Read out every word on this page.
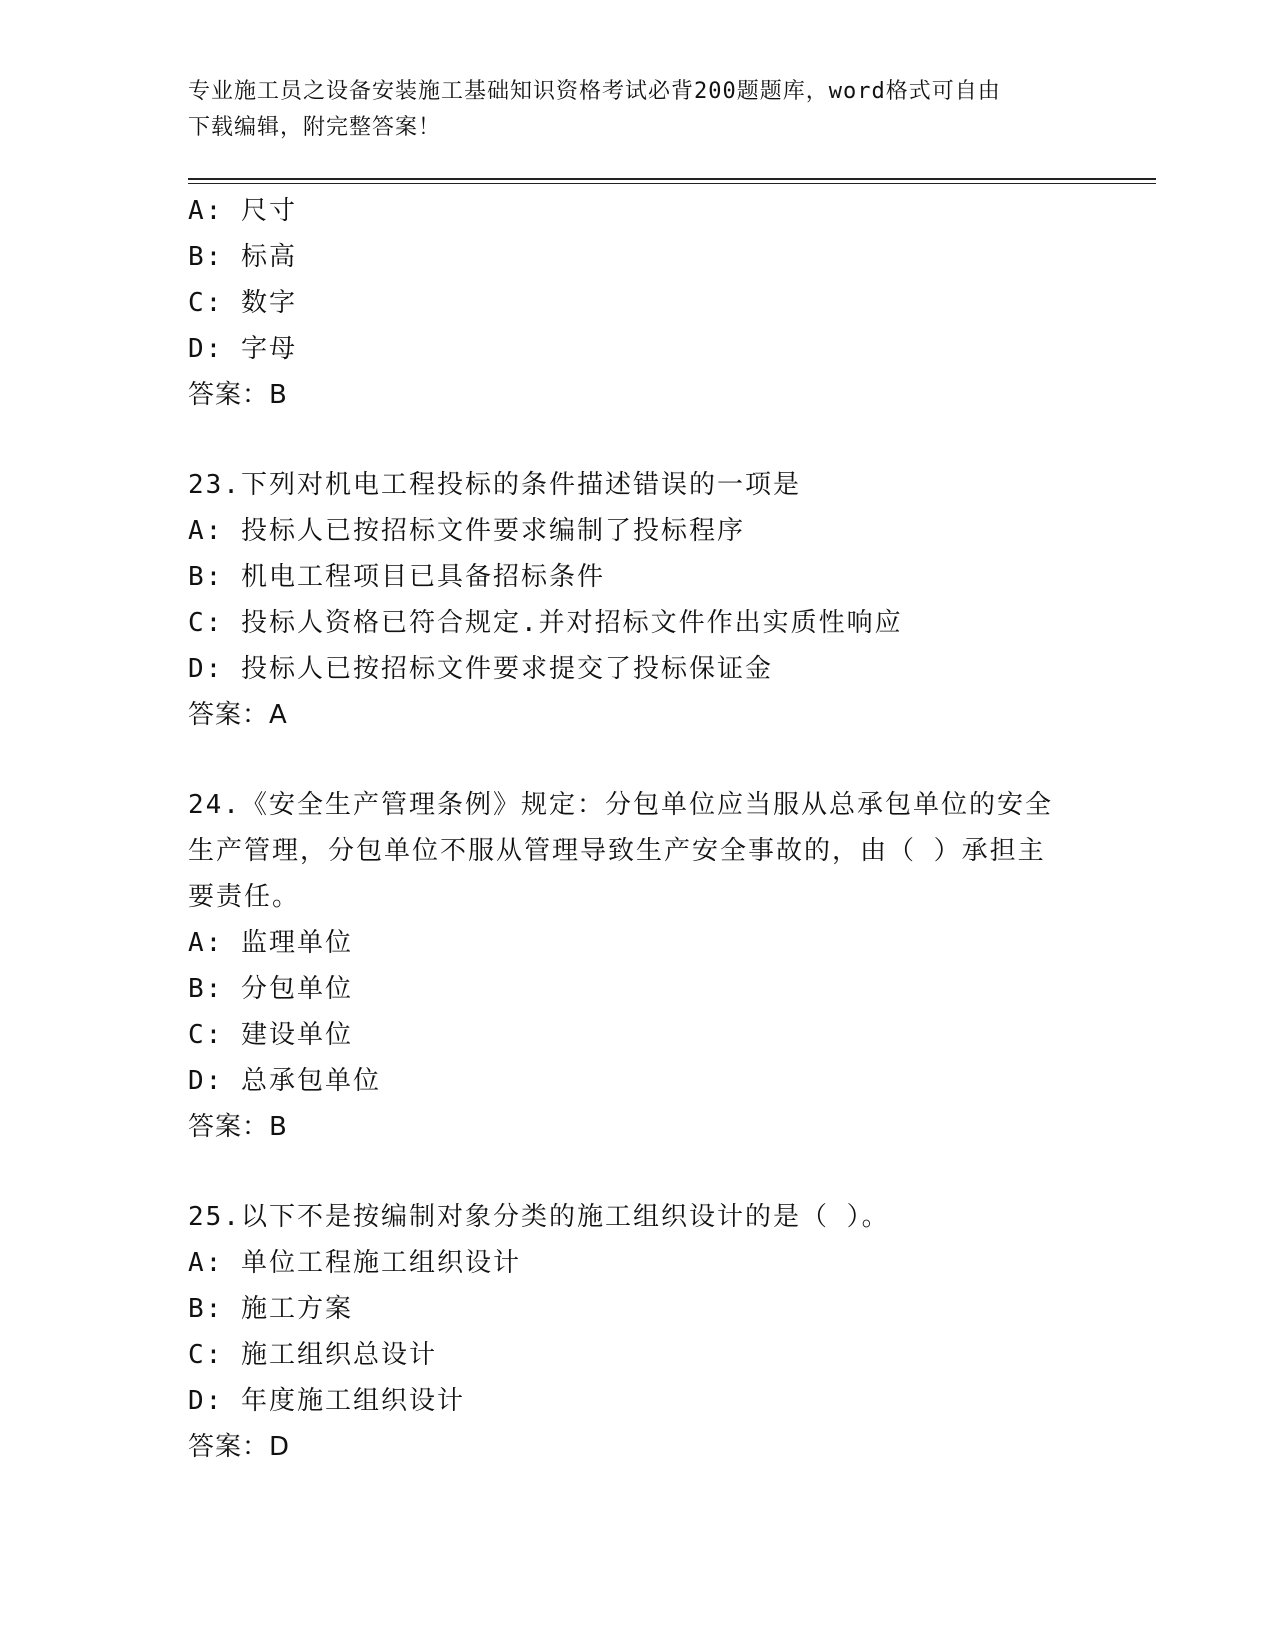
专业施工员之设备安装施工基础知识资格考试必背200题题库，word格式可自由
下载编辑，附完整答案！
A: 尺寸
B: 标高
C: 数字
D: 字母
答案：B
23.下列对机电工程投标的条件描述错误的一项是
A: 投标人已按招标文件要求编制了投标程序
B: 机电工程项目已具备招标条件
C: 投标人资格已符合规定.并对招标文件作出实质性响应
D: 投标人已按招标文件要求提交了投标保证金
答案：A
24.《安全生产管理条例》规定：分包单位应当服从总承包单位的安全
生产管理，分包单位不服从管理导致生产安全事故的，由（ ）承担主
要责任。
A: 监理单位
B: 分包单位
C: 建设单位
D: 总承包单位
答案：B
25.以下不是按编制对象分类的施工组织设计的是（ ）。
A: 单位工程施工组织设计
B: 施工方案
C: 施工组织总设计
D: 年度施工组织设计
答案：D
